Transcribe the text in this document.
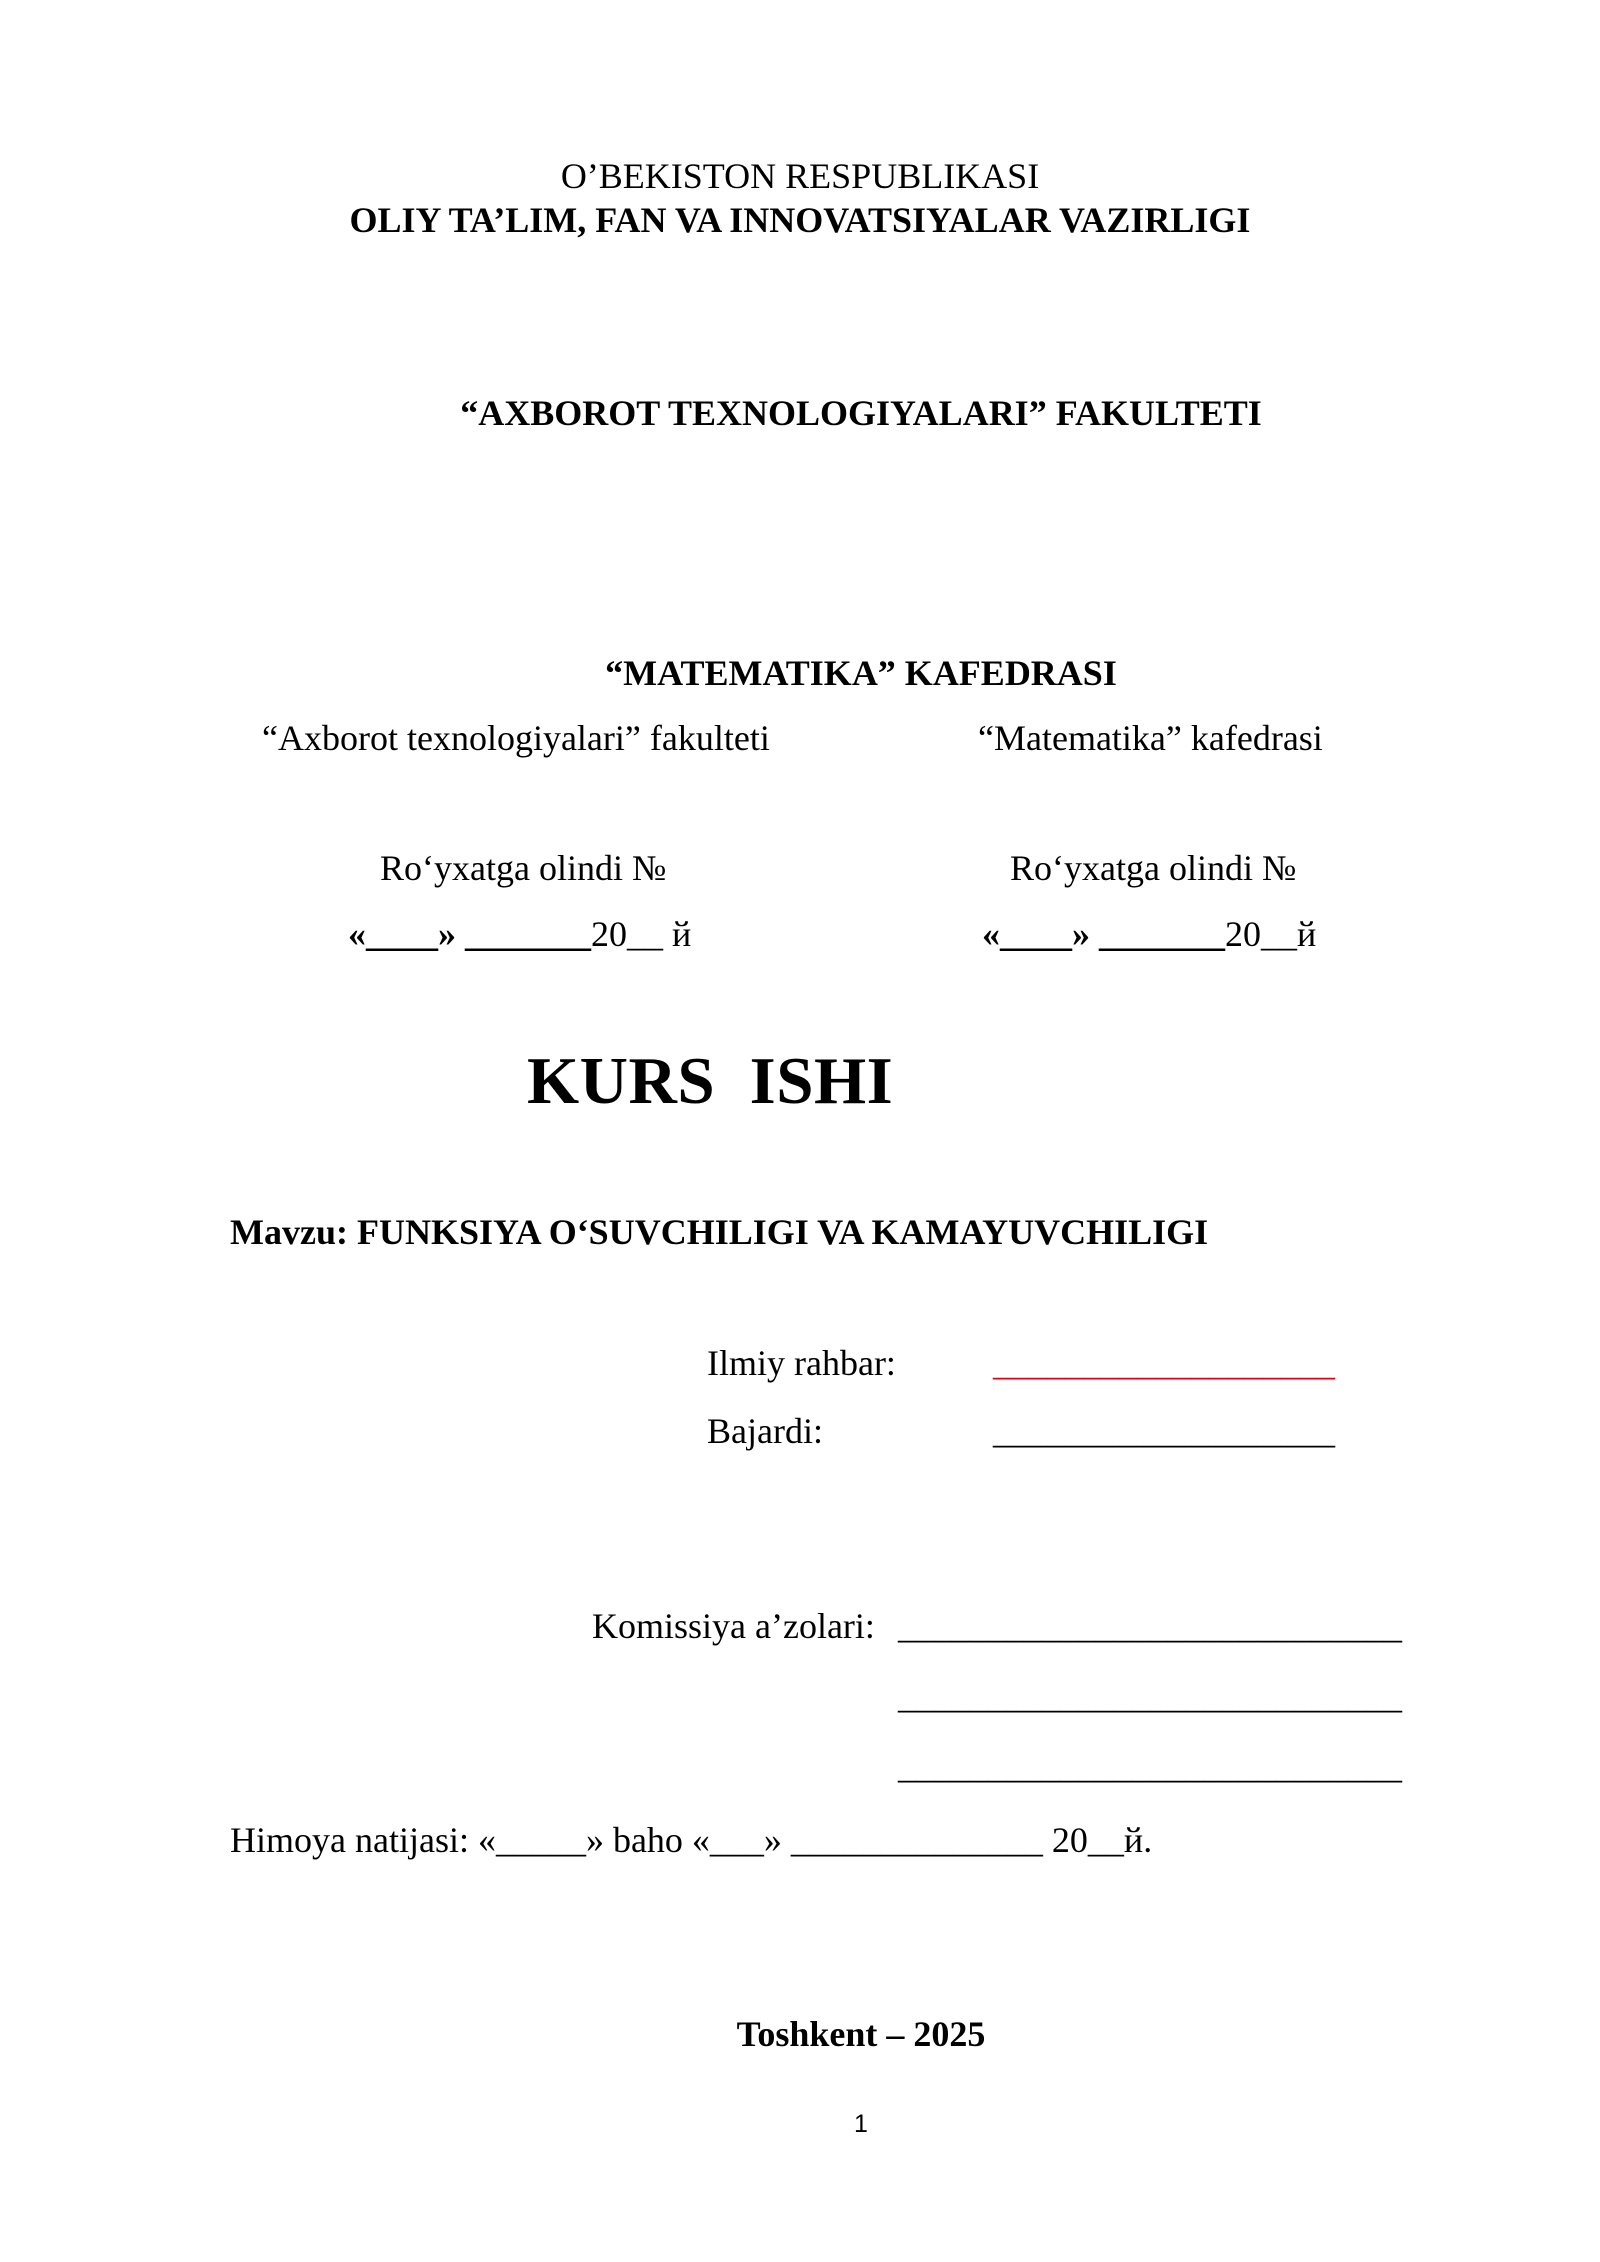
O’BEKISTON RESPUBLIKASI
OLIY TA’LIM, FAN VA INNOVATSIYALAR VAZIRLIGI
“AXBOROT TEXNOLOGIYALARI” FAKULTETI
“MATEMATIKA” KAFEDRASI
“Axborot texnologiyalari” fakulteti	“Matematika” kafedrasi
Ro‘yxatga olindi №	Ro‘yxatga olindi №
«____» _______20__ й	«____» _______20__й
KURS  ISHI
Mavzu: FUNKSIYA O‘SUVCHILIGI VA KAMAYUVCHILIGI
Ilmiy rahbar:	___________________
Bajardi:	___________________
Komissiya a’zolari: ____________________________
____________________________
____________________________
Himoya natijasi: «_____» baho «___» ______________ 20__й.
Toshkent – 2025
1
